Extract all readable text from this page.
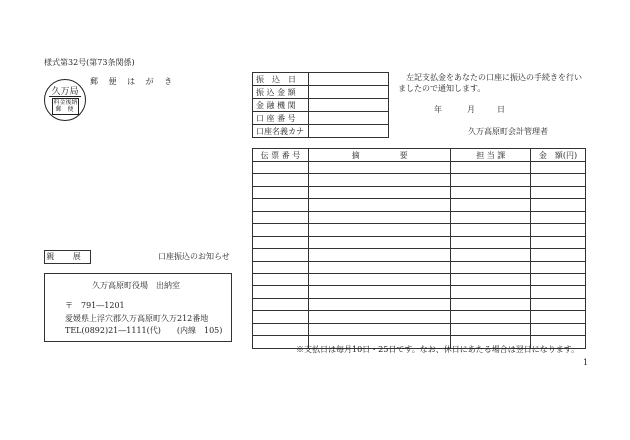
様式第32号(第73条関係)
郵 便 は が き
久万局
料金後納
郵 便
振　込　日	
振 込 金 額	
金 融 機 関	
口 座 番 号	
口座名義カナ	
左記支払金をあなたの口座に振込の手続きを行い
ましたので通知します。
年	月	日
久万高原町会計管理者
伝 票 番 号	摘　　　　　要	担 当 課	金　額(円)

親 展	口座振込のお知らせ
久万高原町役場　出納室
〒　791―1201
愛媛県上浮穴郡久万高原町久万212番地
TEL(0892)21―1111(代)　　(内線　105)
※支払日は毎月10日・25日です。なお、休日にあたる場合は翌日になります。
1
